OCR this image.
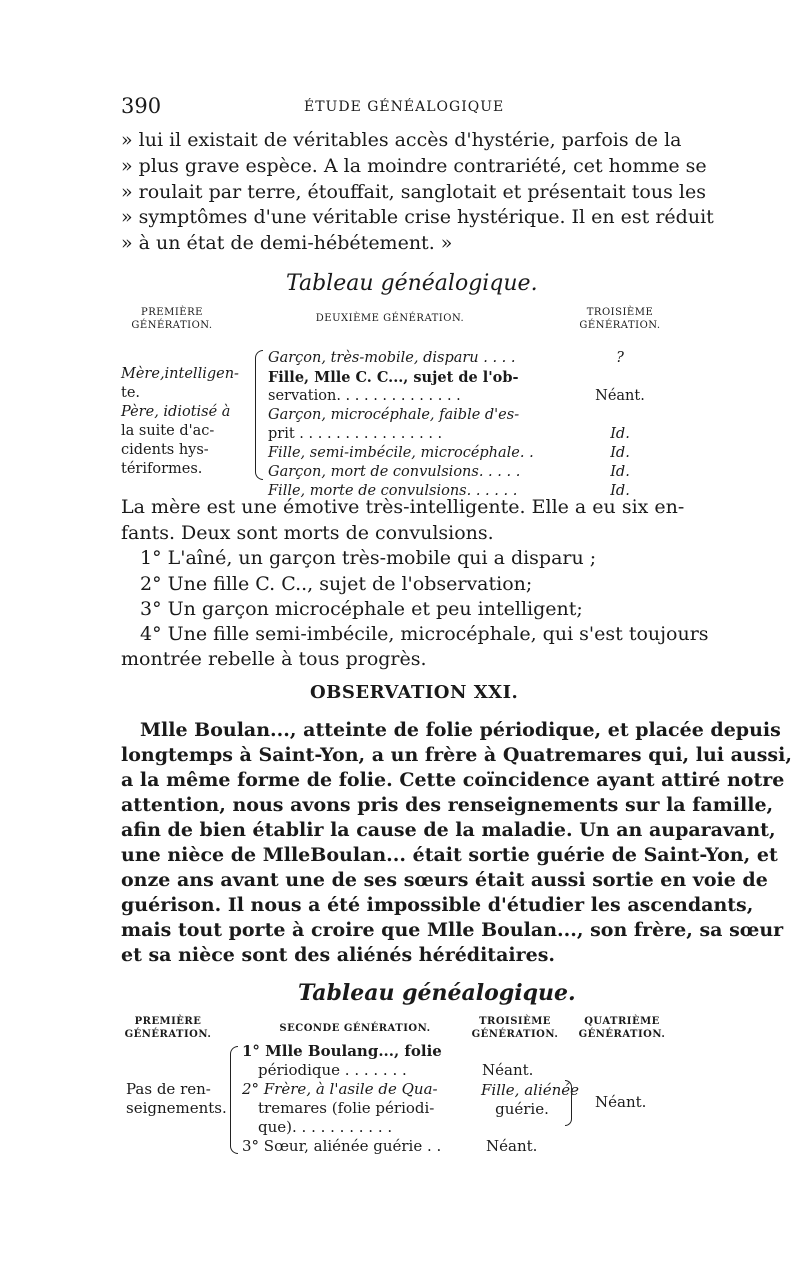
390	ÉTUDE GÉNÉALOGIQUE
» lui il existait de véritables accès d'hystérie, parfois de la
» plus grave espèce. A la moindre contrariété, cet homme se
» roulait par terre, étouffait, sanglotait et présentait tous les
» symptômes d'une véritable crise hystérique. Il en est réduit
» à un état de demi-hébétement. »
Tableau généalogique.
PREMIÈRE
GÉNÉRATION.
DEUXIÈME GÉNÉRATION.
TROISIÈME
GÉNÉRATION.
Mère,intelligen-
te.
Père, idiotisé à
la suite d'ac-
cidents hys-
tériformes.
Garçon, très-mobile, disparu . . . .
Fille, Mlle C. C..., sujet de l'ob-
servation. . . . . . . . . . . . . .
Garçon, microcéphale, faible d'es-
prit . . . . . . . . . . . . . . . .
Fille, semi-imbécile, microcéphale. .
Garçon, mort de convulsions. . . . .
Fille, morte de convulsions. . . . . .
?
Néant.
Id.
Id.
Id.
Id.
La mère est une émotive très-intelligente. Elle a eu six en-
fants. Deux sont morts de convulsions.
1° L'aîné, un garçon très-mobile qui a disparu ;
2° Une fille C. C.., sujet de l'observation;
3° Un garçon microcéphale et peu intelligent;
4° Une fille semi-imbécile, microcéphale, qui s'est toujours
montrée rebelle à tous progrès.
OBSERVATION XXI.
Mlle Boulan..., atteinte de folie périodique, et placée depuis
longtemps à Saint-Yon, a un frère à Quatremares qui, lui aussi,
a la même forme de folie. Cette coïncidence ayant attiré notre
attention, nous avons pris des renseignements sur la famille,
afin de bien établir la cause de la maladie. Un an auparavant,
une nièce de MlleBoulan... était sortie guérie de Saint-Yon, et
onze ans avant une de ses sœurs était aussi sortie en voie de
guérison. Il nous a été impossible d'étudier les ascendants,
mais tout porte à croire que Mlle Boulan..., son frère, sa sœur
et sa nièce sont des aliénés héréditaires.
Tableau généalogique.
PREMIÈRE
GÉNÉRATION.
SECONDE GÉNÉRATION.
TROISIÈME
GÉNÉRATION.
QUATRIÈME
GÉNÉRATION.
Pas de ren-
seignements.
1° Mlle Boulang..., folie
périodique . . . . . . .
2° Frère, à l'asile de Qua-
tremares (folie périodi-
que). . . . . . . . . . .
3° Sœur, aliénée guérie . .
Néant.
Fille, aliénée
guérie.
Néant.
Néant.
